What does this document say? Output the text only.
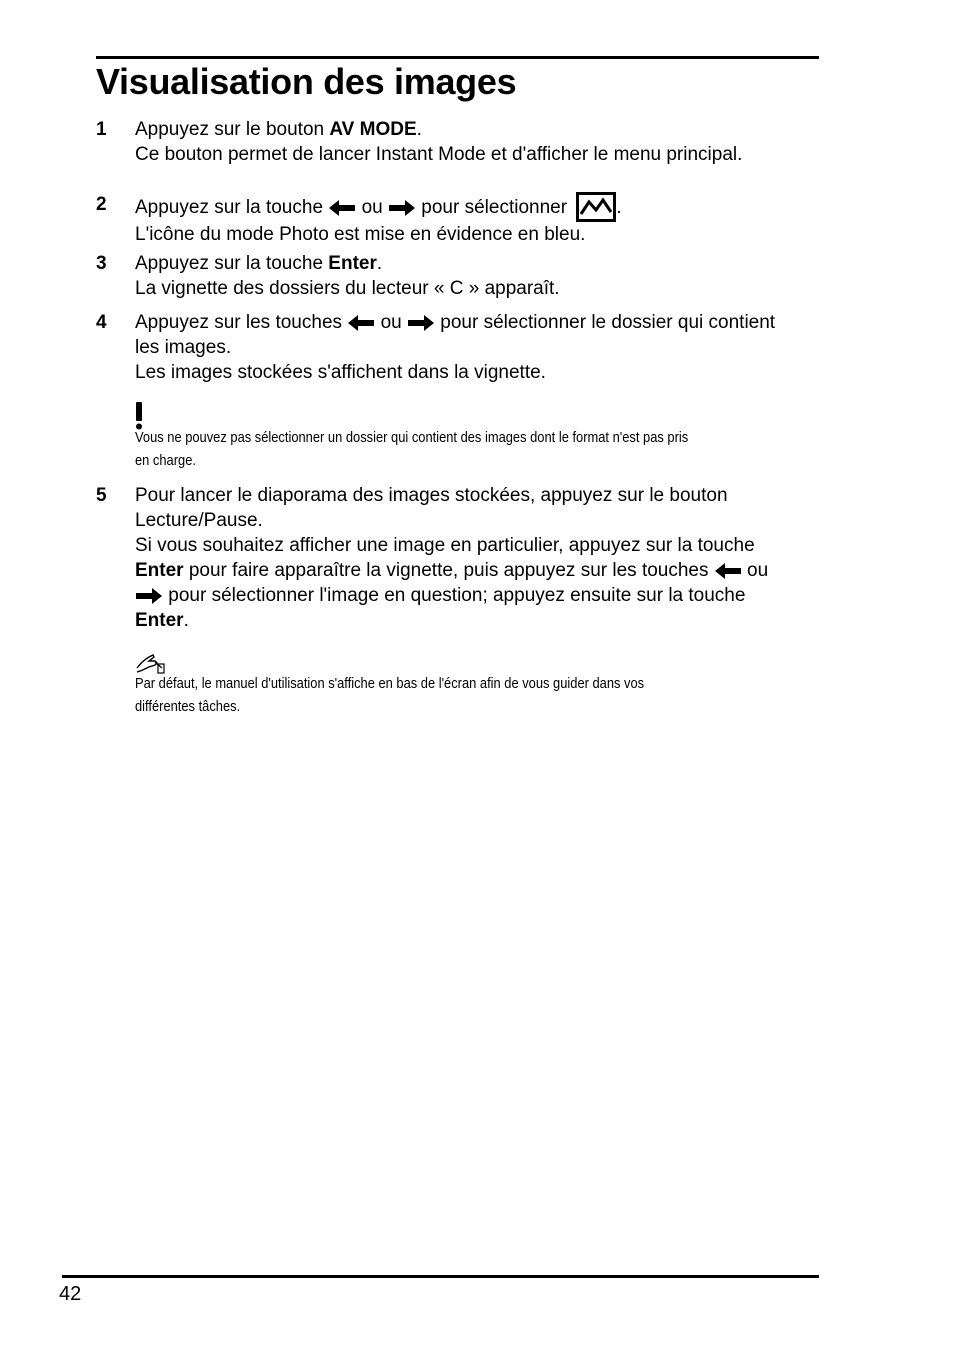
Visualisation des images
1	Appuyez sur le bouton AV MODE.
Ce bouton permet de lancer Instant Mode et d'afficher le menu principal.
2	Appuyez sur la touche  ou  pour sélectionner .
L'icône du mode Photo est mise en évidence en bleu.
3	Appuyez sur la touche Enter.
La vignette des dossiers du lecteur « C » apparaît.
4	Appuyez sur les touches  ou  pour sélectionner le dossier qui contient
les images.
Les images stockées s'affichent dans la vignette.
Vous ne pouvez pas sélectionner un dossier qui contient des images dont le format n'est pas pris
en charge.
5	Pour lancer le diaporama des images stockées, appuyez sur le bouton
Lecture/Pause.
Si vous souhaitez afficher une image en particulier, appuyez sur la touche
Enter pour faire apparaître la vignette, puis appuyez sur les touches  ou
pour sélectionner l'image en question; appuyez ensuite sur la touche
Enter.
Par défaut, le manuel d'utilisation s'affiche en bas de l'écran afin de vous guider dans vos
différentes tâches.
42
